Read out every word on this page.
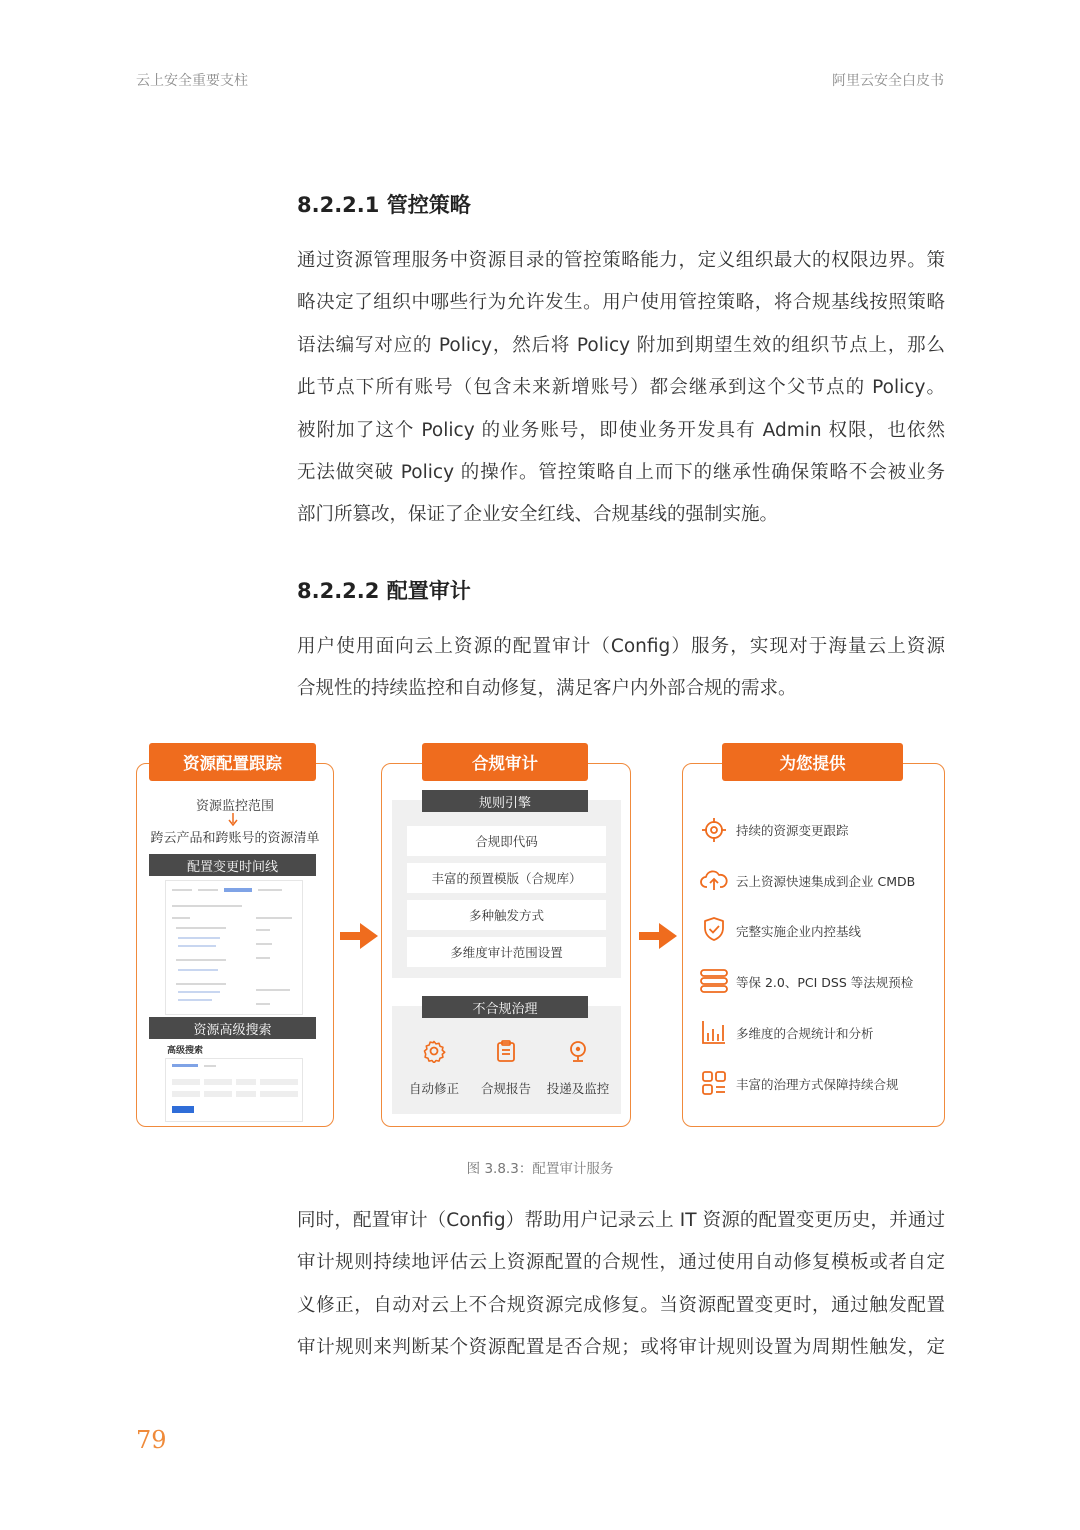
云上安全重要支柱	阿里云安全白皮书
8.2.2.1 管控策略
通过资源管理服务中资源目录的管控策略能力，定义组织最大的权限边界。策
略决定了组织中哪些行为允许发生。用户使用管控策略，将合规基线按照策略
语法编写对应的 Policy，然后将 Policy 附加到期望生效的组织节点上，那么
此节点下所有账号（包含未来新增账号）都会继承到这个父节点的 Policy。
被附加了这个 Policy 的业务账号，即使业务开发具有 Admin 权限，也依然
无法做突破 Policy 的操作。管控策略自上而下的继承性确保策略不会被业务
部门所篡改，保证了企业安全红线、合规基线的强制实施。
8.2.2.2 配置审计
用户使用面向云上资源的配置审计（Config）服务，实现对于海量云上资源
合规性的持续监控和自动修复，满足客户内外部合规的需求。
资源配置跟踪
资源监控范围
跨云产品和跨账号的资源清单
配置变更时间线
资源高级搜索
高级搜索
合规审计
规则引擎
合规即代码
丰富的预置模版（合规库）
多种触发方式
多维度审计范围设置
不合规治理
自动修正	合规报告	投递及监控
为您提供
持续的资源变更跟踪
云上资源快速集成到企业 CMDB
完整实施企业内控基线
等保 2.0、PCI DSS 等法规预检
多维度的合规统计和分析
丰富的治理方式保障持续合规
图 3.8.3：配置审计服务
同时，配置审计（Config）帮助用户记录云上 IT 资源的配置变更历史，并通过
审计规则持续地评估云上资源配置的合规性，通过使用自动修复模板或者自定
义修正，自动对云上不合规资源完成修复。当资源配置变更时，通过触发配置
审计规则来判断某个资源配置是否合规；或将审计规则设置为周期性触发，定
79
